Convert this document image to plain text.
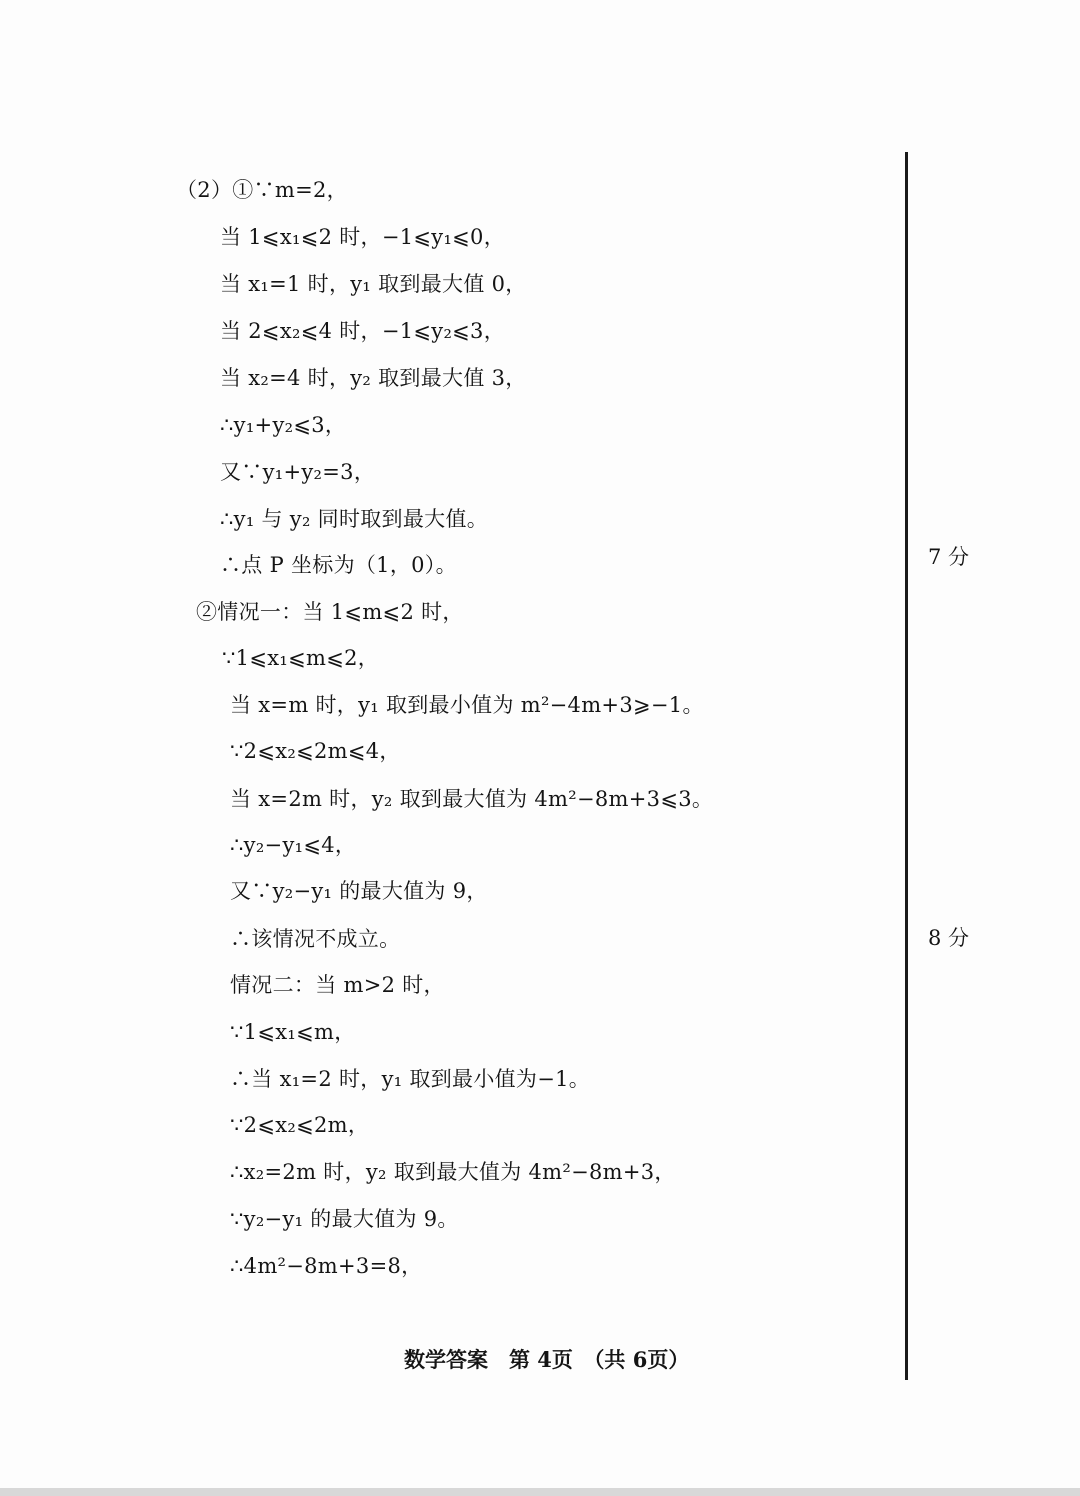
（2）①∵m=2，
当 1⩽x₁⩽2 时，−1⩽y₁⩽0，
当 x₁=1 时，y₁ 取到最大值 0，
当 2⩽x₂⩽4 时，−1⩽y₂⩽3，
当 x₂=4 时，y₂ 取到最大值 3，
∴y₁+y₂⩽3，
又∵y₁+y₂=3，
∴y₁ 与 y₂ 同时取到最大值。
∴点 P 坐标为（1，0）。
②情况一：当 1⩽m⩽2 时，
∵1⩽x₁⩽m⩽2，
当 x=m 时，y₁ 取到最小值为 m²−4m+3⩾−1。
∵2⩽x₂⩽2m⩽4，
当 x=2m 时，y₂ 取到最大值为 4m²−8m+3⩽3。
∴y₂−y₁⩽4，
又∵y₂−y₁ 的最大值为 9，
∴该情况不成立。
情况二：当 m>2 时，
∵1⩽x₁⩽m，
∴当 x₁=2 时，y₁ 取到最小值为−1。
∵2⩽x₂⩽2m，
∴x₂=2m 时，y₂ 取到最大值为 4m²−8m+3，
∵y₂−y₁ 的最大值为 9。
∴4m²−8m+3=8，
7 分
8 分
数学答案　第 4页　（共 6页）
